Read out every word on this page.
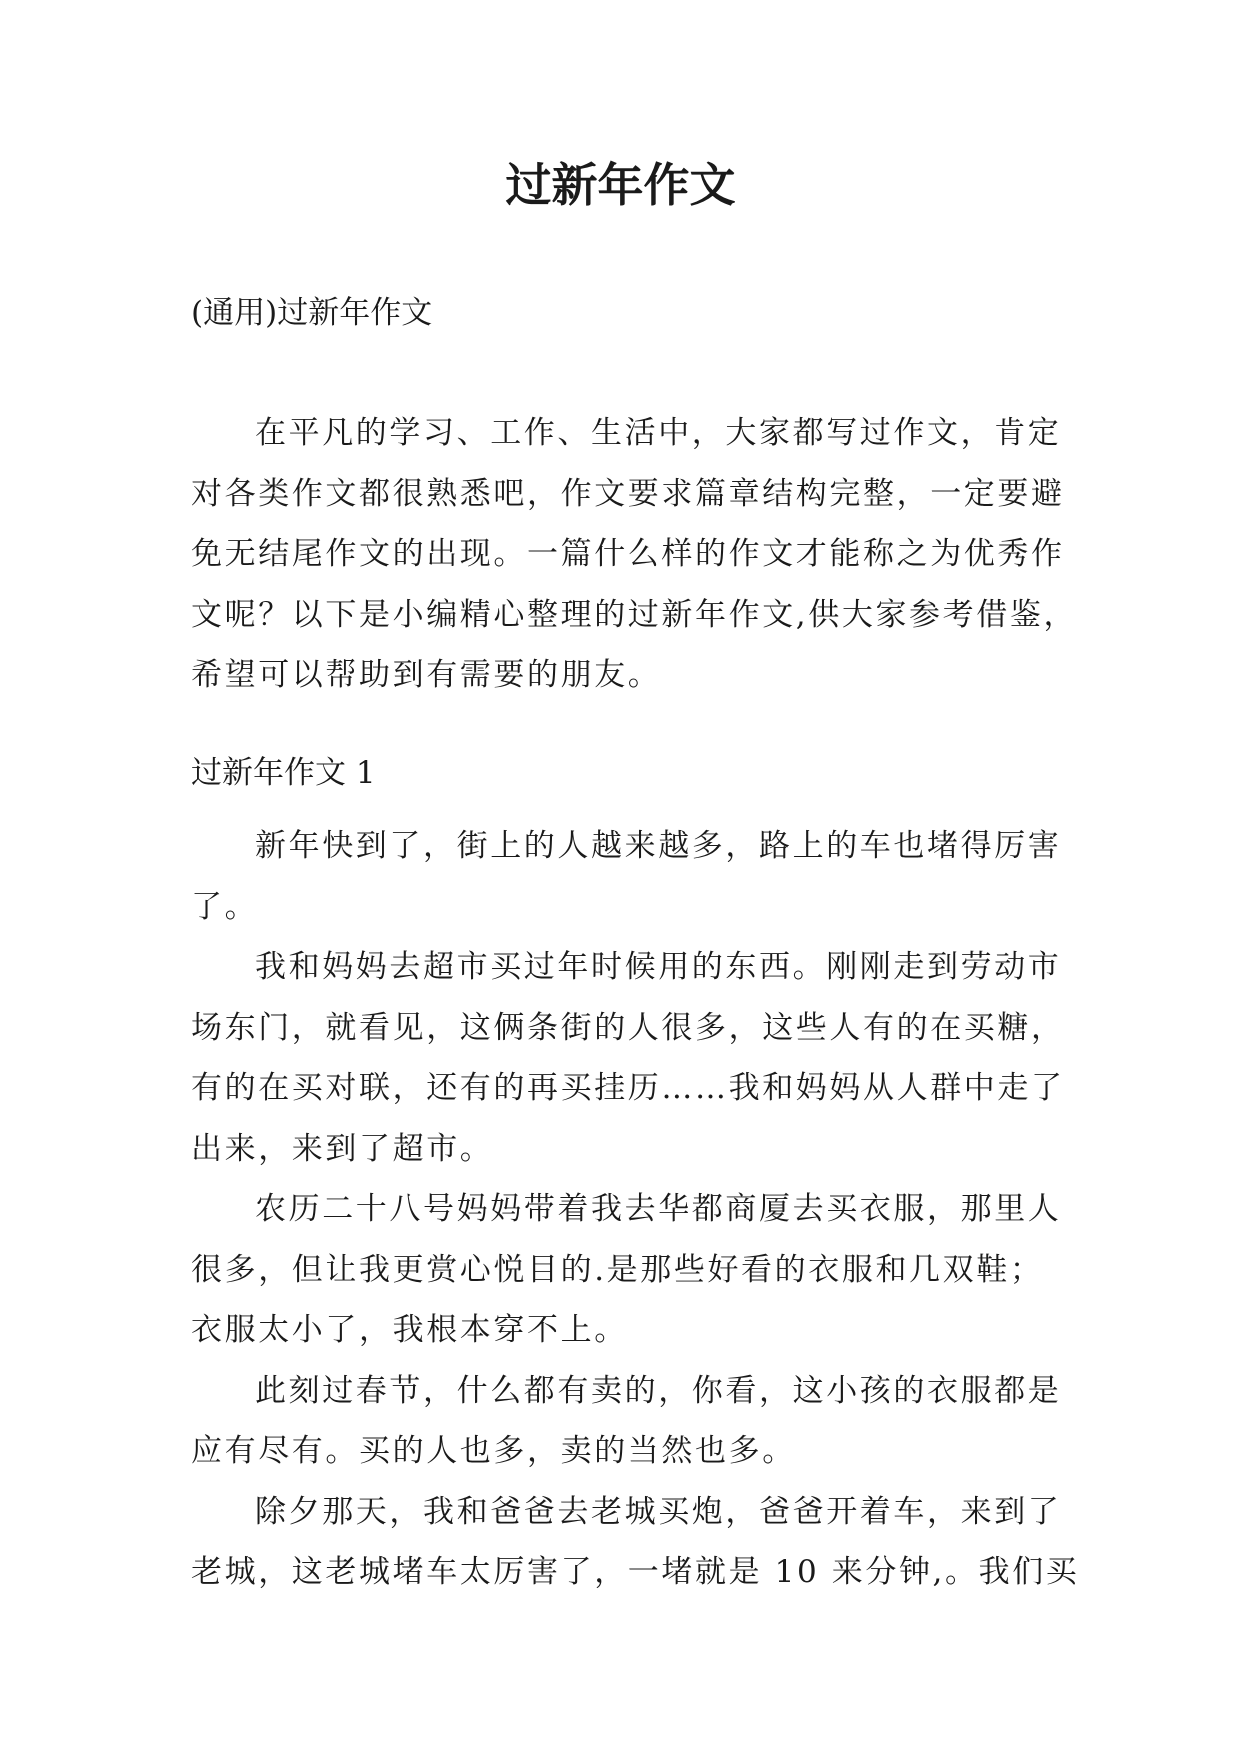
过新年作文

(通用)过新年作文

在平凡的学习、工作、生活中，大家都写过作文，肯定
对各类作文都很熟悉吧，作文要求篇章结构完整，一定要避
免无结尾作文的出现。一篇什么样的作文才能称之为优秀作
文呢？以下是小编精心整理的过新年作文,供大家参考借鉴，
希望可以帮助到有需要的朋友。

过新年作文 1

新年快到了，街上的人越来越多，路上的车也堵得厉害
了。
我和妈妈去超市买过年时候用的东西。刚刚走到劳动市
场东门，就看见，这俩条街的人很多，这些人有的在买糖，
有的在买对联，还有的再买挂历……我和妈妈从人群中走了
出来，来到了超市。
农历二十八号妈妈带着我去华都商厦去买衣服，那里人
很多，但让我更赏心悦目的.是那些好看的衣服和几双鞋；
衣服太小了，我根本穿不上。
此刻过春节，什么都有卖的，你看，这小孩的衣服都是
应有尽有。买的人也多，卖的当然也多。
除夕那天，我和爸爸去老城买炮，爸爸开着车，来到了
老城，这老城堵车太厉害了，一堵就是 10 来分钟,。我们买
